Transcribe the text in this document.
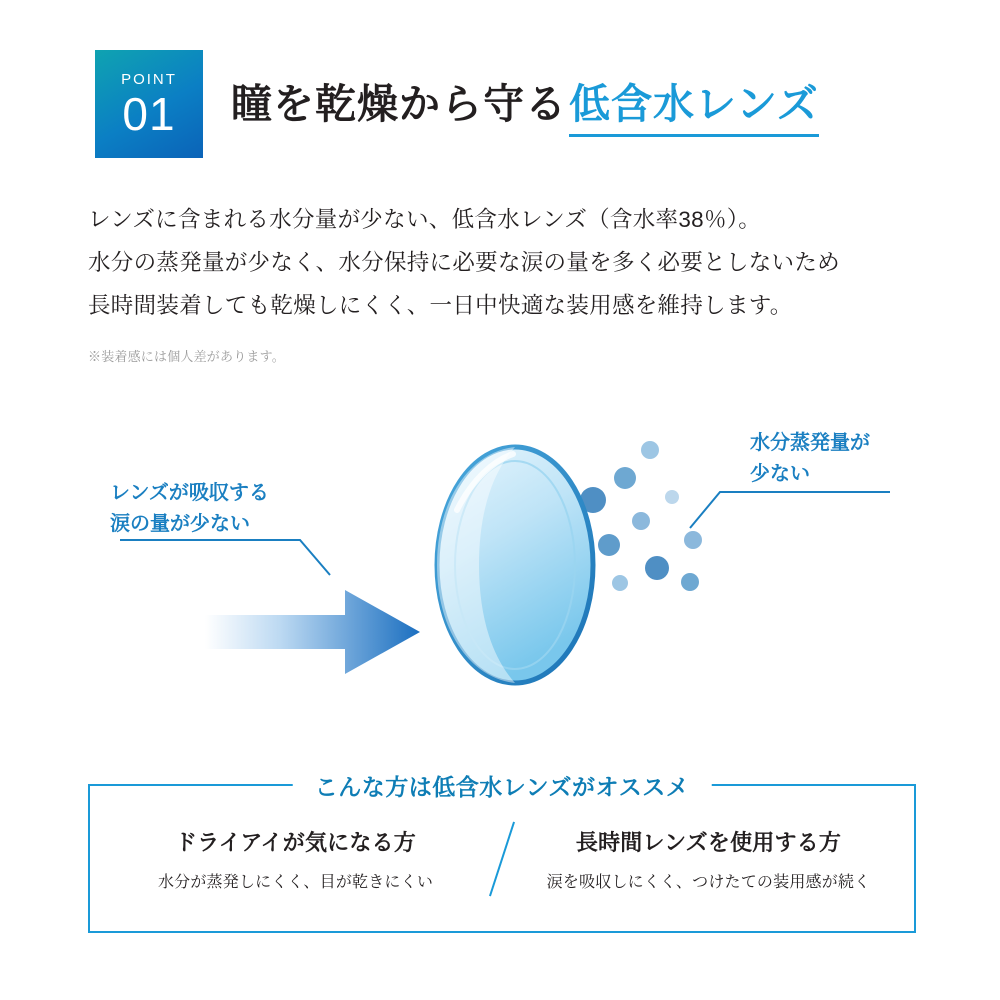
POINT
01 瞳を乾燥から守る 低含水レンズ
レンズに含まれる水分量が少ない、低含水レンズ（含水率38％）。
水分の蒸発量が少なく、水分保持に必要な涙の量を多く必要としないため
長時間装着しても乾燥しにくく、一日中快適な装用感を維持します。
※装着感には個人差があります。
レンズが吸収する
涙の量が少ない
水分蒸発量が
少ない
こんな方は低含水レンズがオススメ
ドライアイが気になる方
水分が蒸発しにくく、目が乾きにくい
長時間レンズを使用する方
涙を吸収しにくく、つけたての装用感が続く
